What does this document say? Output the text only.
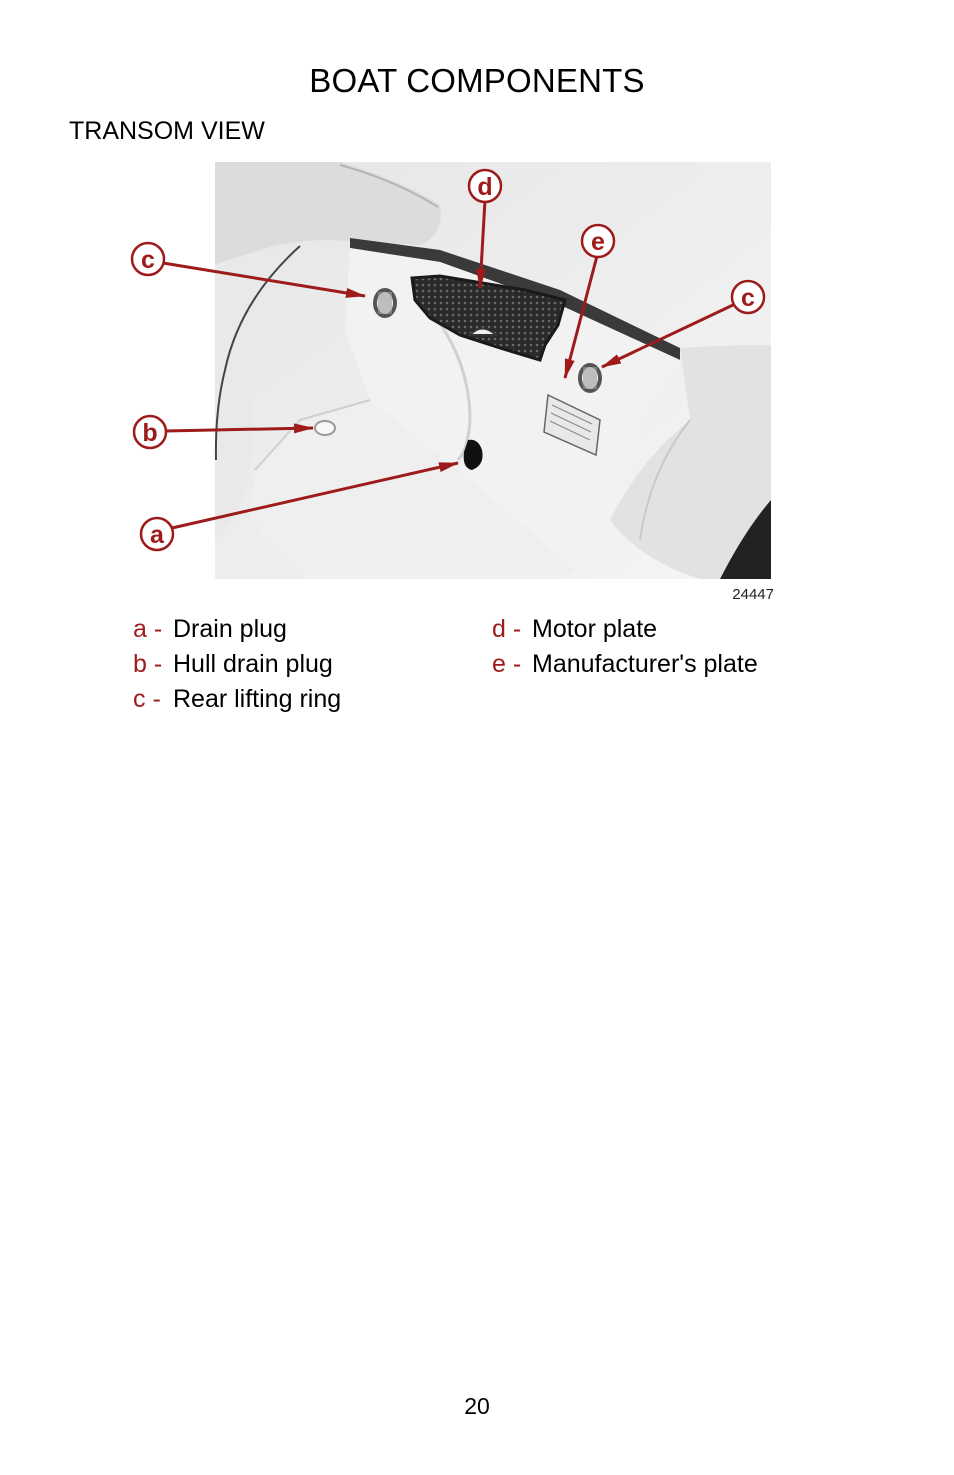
BOAT COMPONENTS
TRANSOM VIEW
d
e
c
c
b
a
24447
a - Drain plug
b - Hull drain plug
c - Rear lifting ring
d - Motor plate
e - Manufacturer's plate
20
